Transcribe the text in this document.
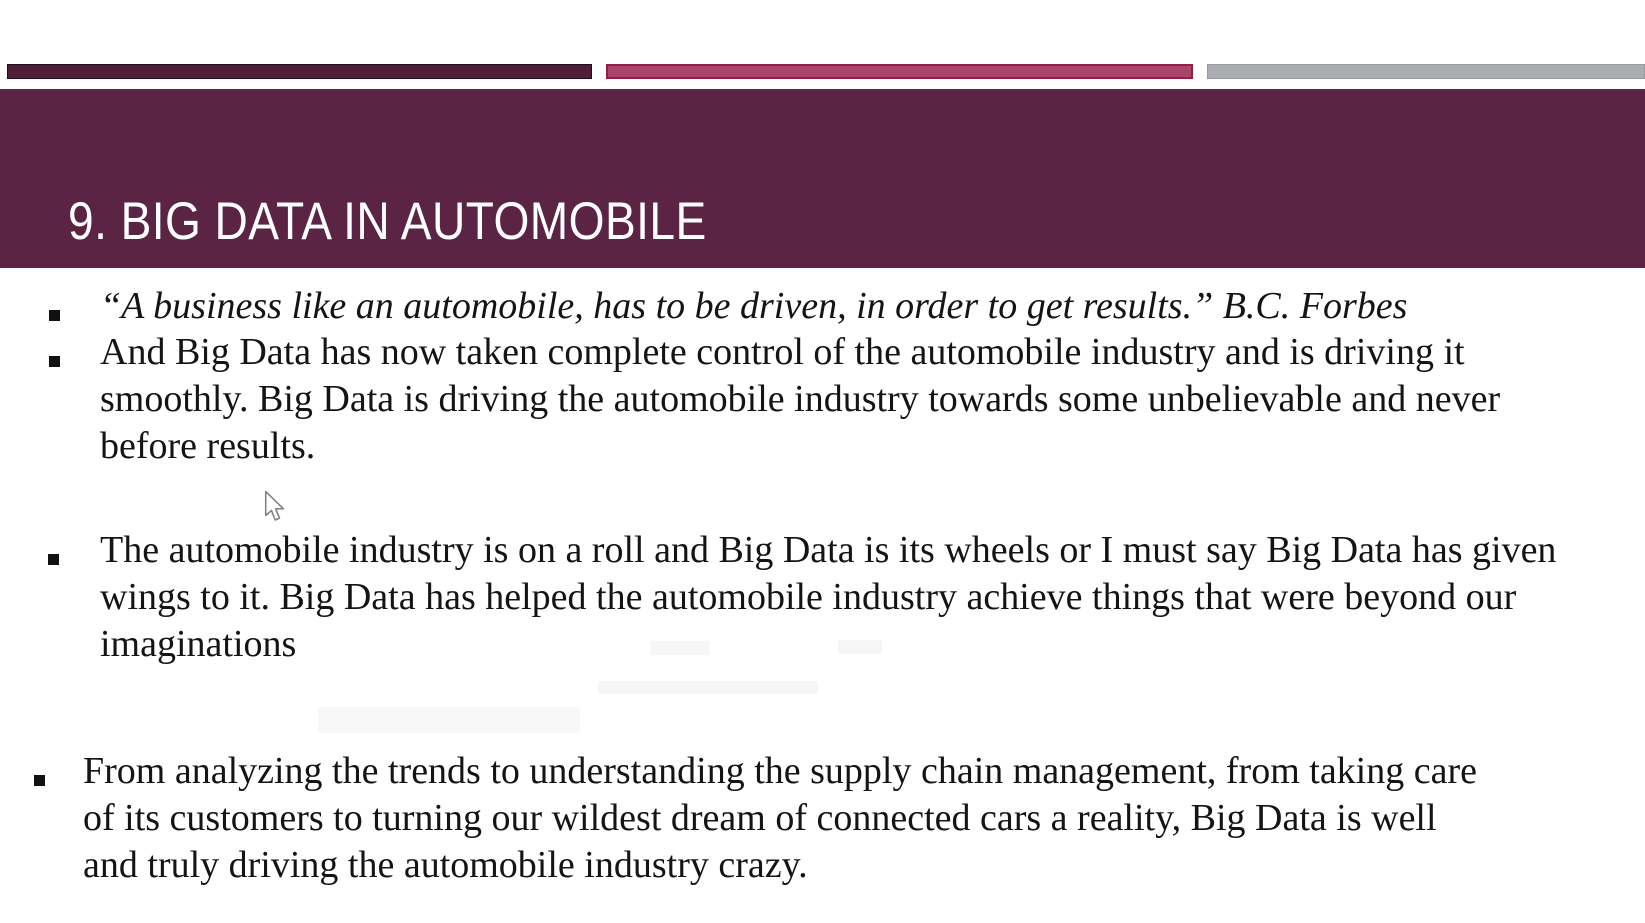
9. BIG DATA IN AUTOMOBILE
“A business like an automobile, has to be driven, in order to get results.” B.C. Forbes
And Big Data has now taken complete control of the automobile industry and is driving it
smoothly. Big Data is driving the automobile industry towards some unbelievable and never
before results.
The automobile industry is on a roll and Big Data is its wheels or I must say Big Data has given
wings to it. Big Data has helped the automobile industry achieve things that were beyond our
imaginations
From analyzing the trends to understanding the supply chain management, from taking care
of its customers to turning our wildest dream of connected cars a reality, Big Data is well
and truly driving the automobile industry crazy.
